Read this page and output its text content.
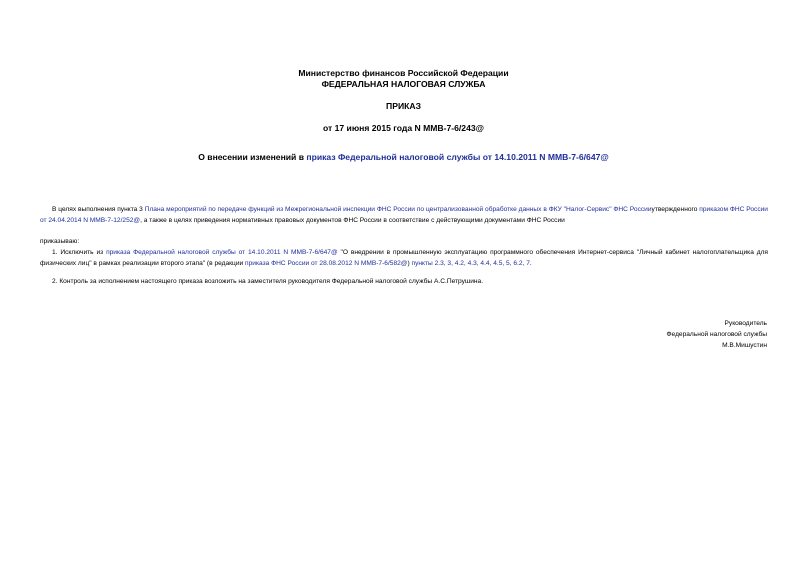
Министерство финансов Российской Федерации
ФЕДЕРАЛЬНАЯ НАЛОГОВАЯ СЛУЖБА
ПРИКАЗ
от 17 июня 2015 года N ММВ-7-6/243@
О внесении изменений в приказ Федеральной налоговой службы от 14.10.2011 N ММВ-7-6/647@
В целях выполнения пункта 3 Плана мероприятий по передаче функций из Межрегиональной инспекции ФНС России по централизованной обработке данных в ФКУ "Налог-Сервис" ФНС Россииутвержденного приказом ФНС России от 24.04.2014 N ММВ-7-12/252@, а также в целях приведения нормативных правовых документов ФНС России в соответствие с действующими документами ФНС России
приказываю:
1. Исключить из приказа Федеральной налоговой службы от 14.10.2011 N ММВ-7-6/647@ "О внедрении в промышленную эксплуатацию программного обеспечения Интернет-сервиса "Личный кабинет налогоплательщика для физических лиц" в рамках реализации второго этапа" (в редакции приказа ФНС России от 28.08.2012 N ММВ-7-6/582@) пункты 2.3, 3, 4.2, 4.3, 4.4, 4.5, 5, 6.2, 7.
2. Контроль за исполнением настоящего приказа возложить на заместителя руководителя Федеральной налоговой службы А.С.Петрушина.
Руководитель
Федеральной налоговой службы
М.В.Мишустин
